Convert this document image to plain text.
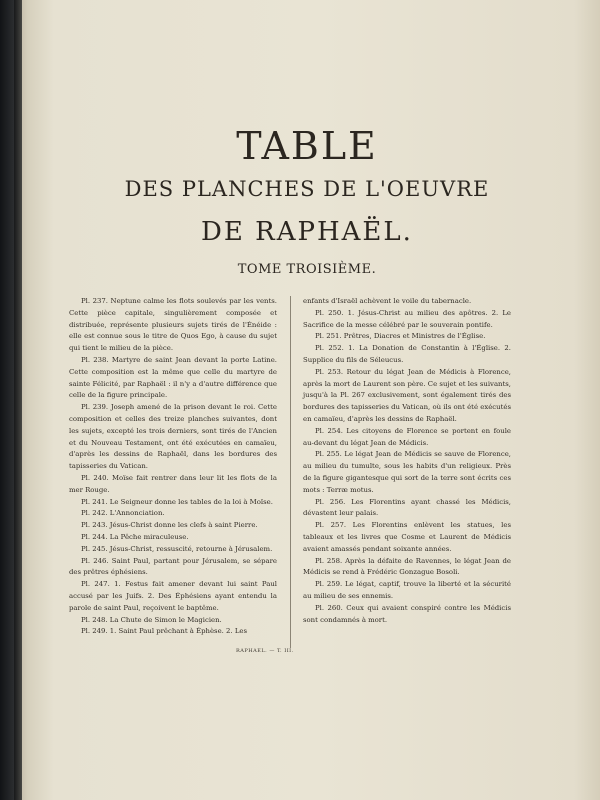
TABLE
DES PLANCHES DE L'OEUVRE
DE RAPHAËL.
TOME TROISIÈME.

Pl. 237. Neptune calme les flots soulevés par les vents. Cette pièce capitale, singulièrement composée et distribuée, représente plusieurs sujets tirés de l'Énéide : elle est connue sous le titre de Quos Ego, à cause du sujet qui tient le milieu de la pièce.

Pl. 238. Martyre de saint Jean devant la porte Latine. Cette composition est la même que celle du martyre de sainte Félicité, par Raphaël : il n'y a d'autre différence que celle de la figure principale.

Pl. 239. Joseph amené de la prison devant le roi. Cette composition et celles des treize planches suivantes, dont les sujets, excepté les trois derniers, sont tirés de l'Ancien et du Nouveau Testament, ont été exécutées en camaïeu, d'après les dessins de Raphaël, dans les bordures des tapisseries du Vatican.

Pl. 240. Moïse fait rentrer dans leur lit les flots de la mer Rouge.

Pl. 241. Le Seigneur donne les tables de la loi à Moïse.

Pl. 242. L'Annonciation.

Pl. 243. Jésus-Christ donne les clefs à saint Pierre.

Pl. 244. La Pêche miraculeuse.

Pl. 245. Jésus-Christ, ressuscité, retourne à Jérusalem.

Pl. 246. Saint Paul, partant pour Jérusalem, se sépare des prêtres éphésiens.

Pl. 247. 1. Festus fait amener devant lui saint Paul accusé par les Juifs. 2. Des Éphésiens ayant entendu la parole de saint Paul, reçoivent le baptême.

Pl. 248. La Chute de Simon le Magicien.

Pl. 249. 1. Saint Paul prêchant à Éphèse. 2. Les

enfants d'Israël achèvent le voile du tabernacle.

Pl. 250. 1. Jésus-Christ au milieu des apôtres. 2. Le Sacrifice de la messe célébré par le souverain pontife.

Pl. 251. Prêtres, Diacres et Ministres de l'Église.

Pl. 252. 1. La Donation de Constantin à l'Église. 2. Supplice du fils de Séleucus.

Pl. 253. Retour du légat Jean de Médicis à Florence, après la mort de Laurent son père. Ce sujet et les suivants, jusqu'à la Pl. 267 exclusivement, sont également tirés des bordures des tapisseries du Vatican, où ils ont été exécutés en camaïeu, d'après les dessins de Raphaël.

Pl. 254. Les citoyens de Florence se portent en foule au-devant du légat Jean de Médicis.

Pl. 255. Le légat Jean de Médicis se sauve de Florence, au milieu du tumulte, sous les habits d'un religieux. Près de la figure gigantesque qui sort de la terre sont écrits ces mots : Terræ motus.

Pl. 256. Les Florentins ayant chassé les Médicis, dévastent leur palais.

Pl. 257. Les Florentins enlèvent les statues, les tableaux et les livres que Cosme et Laurent de Médicis avaient amassés pendant soixante années.

Pl. 258. Après la défaite de Ravennes, le légat Jean de Médicis se rend à Frédéric Gonzague Bosoli.

Pl. 259. Le légat, captif, trouve la liberté et la sécurité au milieu de ses ennemis.

Pl. 260. Ceux qui avaient conspiré contre les Médicis sont condamnés à mort.

RAPHAEL. — T. III.
